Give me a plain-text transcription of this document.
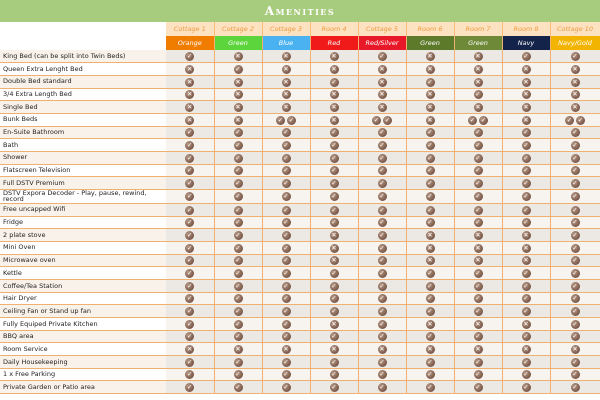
Amenities
	Cottage 1	Cottage 2	Cottage 3	Room 4	Cottage 5	Room 6	Room 7	Room 8	Cottage 10
	Orange	Green	Blue	Red	Red/Silver	Green	Green	Navy	Navy/Gold
King Bed (can be split into Twin Beds)	✓	✕	✕	✕	✓	✕	✕	✓	✓
Queen Extra Lenght Bed	✕	✓	✕	✕	✕	✕	✕	✕	✕
Double Bed standard	✕	✕	✕	✓	✕	✓	✕	✕	✕
3/4 Extra Length Bed	✕	✕	✕	✕	✕	✕	✓	✕	✕
Single Bed	✕	✕	✕	✕	✕	✕	✕	✕	✕
Bunk Beds	✕	✕	✓ ✓	✕	✓ ✓	✕	✓ ✓	✕	✓ ✓
En-Suite Bathroom	✓	✓	✓	✓	✓	✓	✓	✓	✓
Bath	✓	✓	✓	✓	✓	✓	✓	✓	✓
Shower	✓	✓	✓	✓	✓	✓	✓	✓	✓
Flatscreen Television	✓	✓	✓	✓	✓	✓	✓	✓	✓
Full DSTV Premium	✓	✓	✓	✓	✓	✓	✓	✓	✓
DSTV Expora Decoder - Play, pause, rewind, record	✓	✓	✓	✓	✓	✓	✓	✓	✓
Free uncapped Wifi	✓	✓	✓	✓	✓	✓	✓	✓	✓
Fridge	✓	✓	✓	✓	✓	✓	✓	✓	✓
2 plate stove	✓	✓	✓	✕	✓	✕	✕	✕	✓
Mini Oven	✓	✓	✓	✕	✓	✕	✕	✕	✓
Microwave oven	✓	✓	✓	✕	✓	✕	✕	✕	✓
Kettle	✓	✓	✓	✓	✓	✓	✓	✓	✓
Coffee/Tea Station	✓	✓	✓	✓	✓	✓	✓	✓	✓
Hair Dryer	✓	✓	✓	✓	✓	✓	✓	✓	✓
Ceiling Fan or Stand up fan	✓	✓	✓	✓	✓	✓	✓	✓	✓
Fully Equiped Private Kitchen	✓	✓	✓	✕	✓	✕	✕	✕	✓
BBQ area	✓	✓	✓	✓	✓	✓	✓	✓	✓
Room Service	✕	✕	✕	✕	✕	✕	✕	✕	✕
Daily Housekeeping	✓	✓	✓	✓	✓	✓	✓	✓	✓
1 x Free Parking	✓	✓	✓	✓	✓	✓	✓	✓	✓
Private Garden or Patio area	✓	✓	✓	✓	✓	✓	✓	✓	✓
